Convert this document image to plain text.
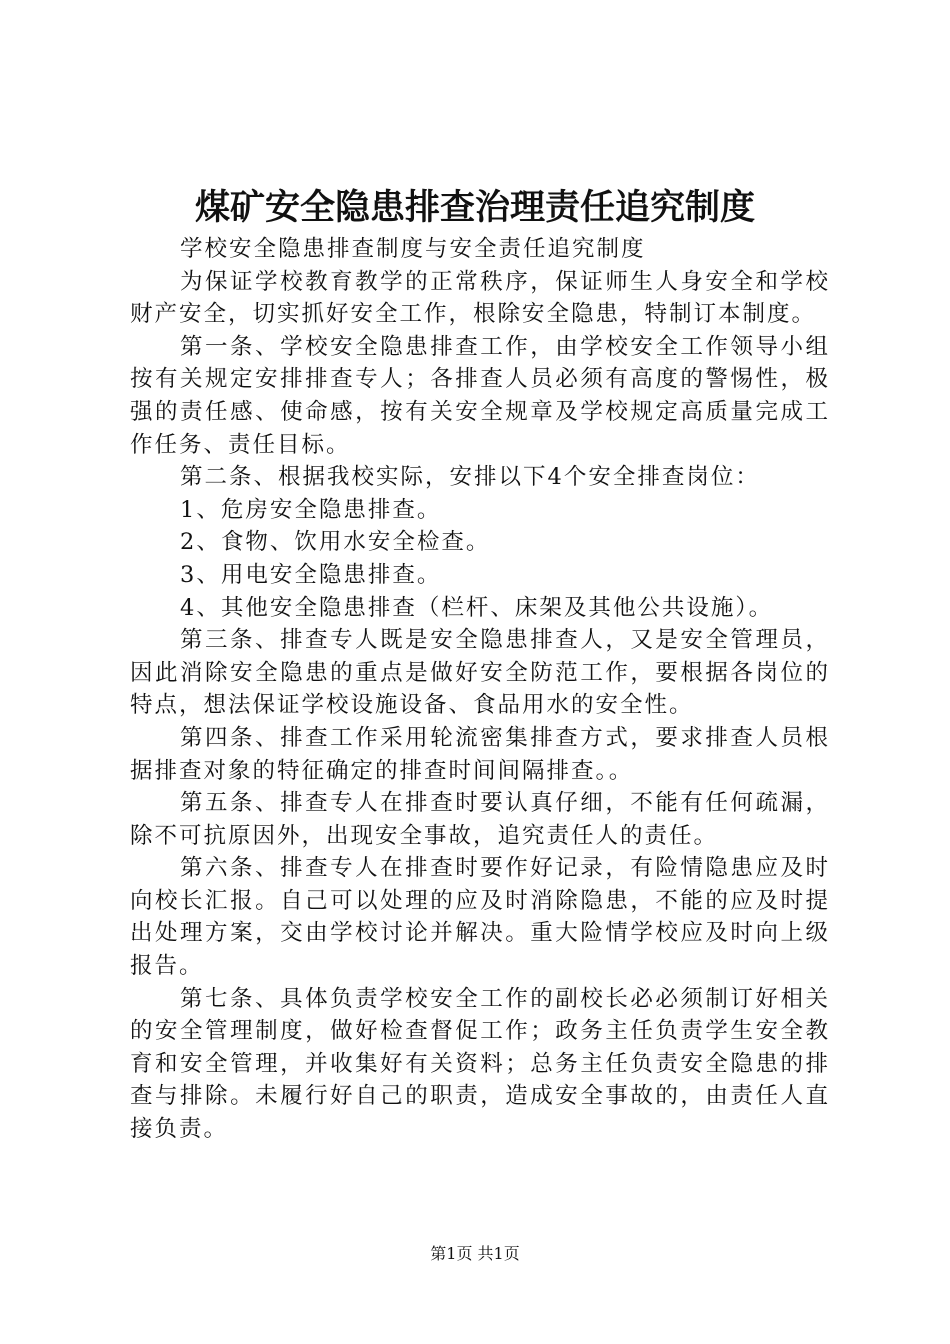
煤矿安全隐患排查治理责任追究制度

学校安全隐患排查制度与安全责任追究制度

为保证学校教育教学的正常秩序，保证师生人身安全和学校财产安全，切实抓好安全工作，根除安全隐患，特制订本制度。

第一条、学校安全隐患排查工作，由学校安全工作领导小组按有关规定安排排查专人；各排查人员必须有高度的警惕性，极强的责任感、使命感，按有关安全规章及学校规定高质量完成工作任务、责任目标。

第二条、根据我校实际，安排以下4个安全排查岗位：

1、危房安全隐患排查。

2、食物、饮用水安全检查。

3、用电安全隐患排查。

4、其他安全隐患排查（栏杆、床架及其他公共设施）。

第三条、排查专人既是安全隐患排查人，又是安全管理员，因此消除安全隐患的重点是做好安全防范工作，要根据各岗位的特点，想法保证学校设施设备、食品用水的安全性。

第四条、排查工作采用轮流密集排查方式，要求排查人员根据排查对象的特征确定的排查时间间隔排查。。

第五条、排查专人在排查时要认真仔细，不能有任何疏漏，除不可抗原因外，出现安全事故，追究责任人的责任。

第六条、排查专人在排查时要作好记录，有险情隐患应及时向校长汇报。自己可以处理的应及时消除隐患，不能的应及时提出处理方案，交由学校讨论并解决。重大险情学校应及时向上级报告。

第七条、具体负责学校安全工作的副校长必必须制订好相关的安全管理制度，做好检查督促工作；政务主任负责学生安全教育和安全管理，并收集好有关资料；总务主任负责安全隐患的排查与排除。未履行好自己的职责，造成安全事故的，由责任人直接负责。

第1页 共1页
